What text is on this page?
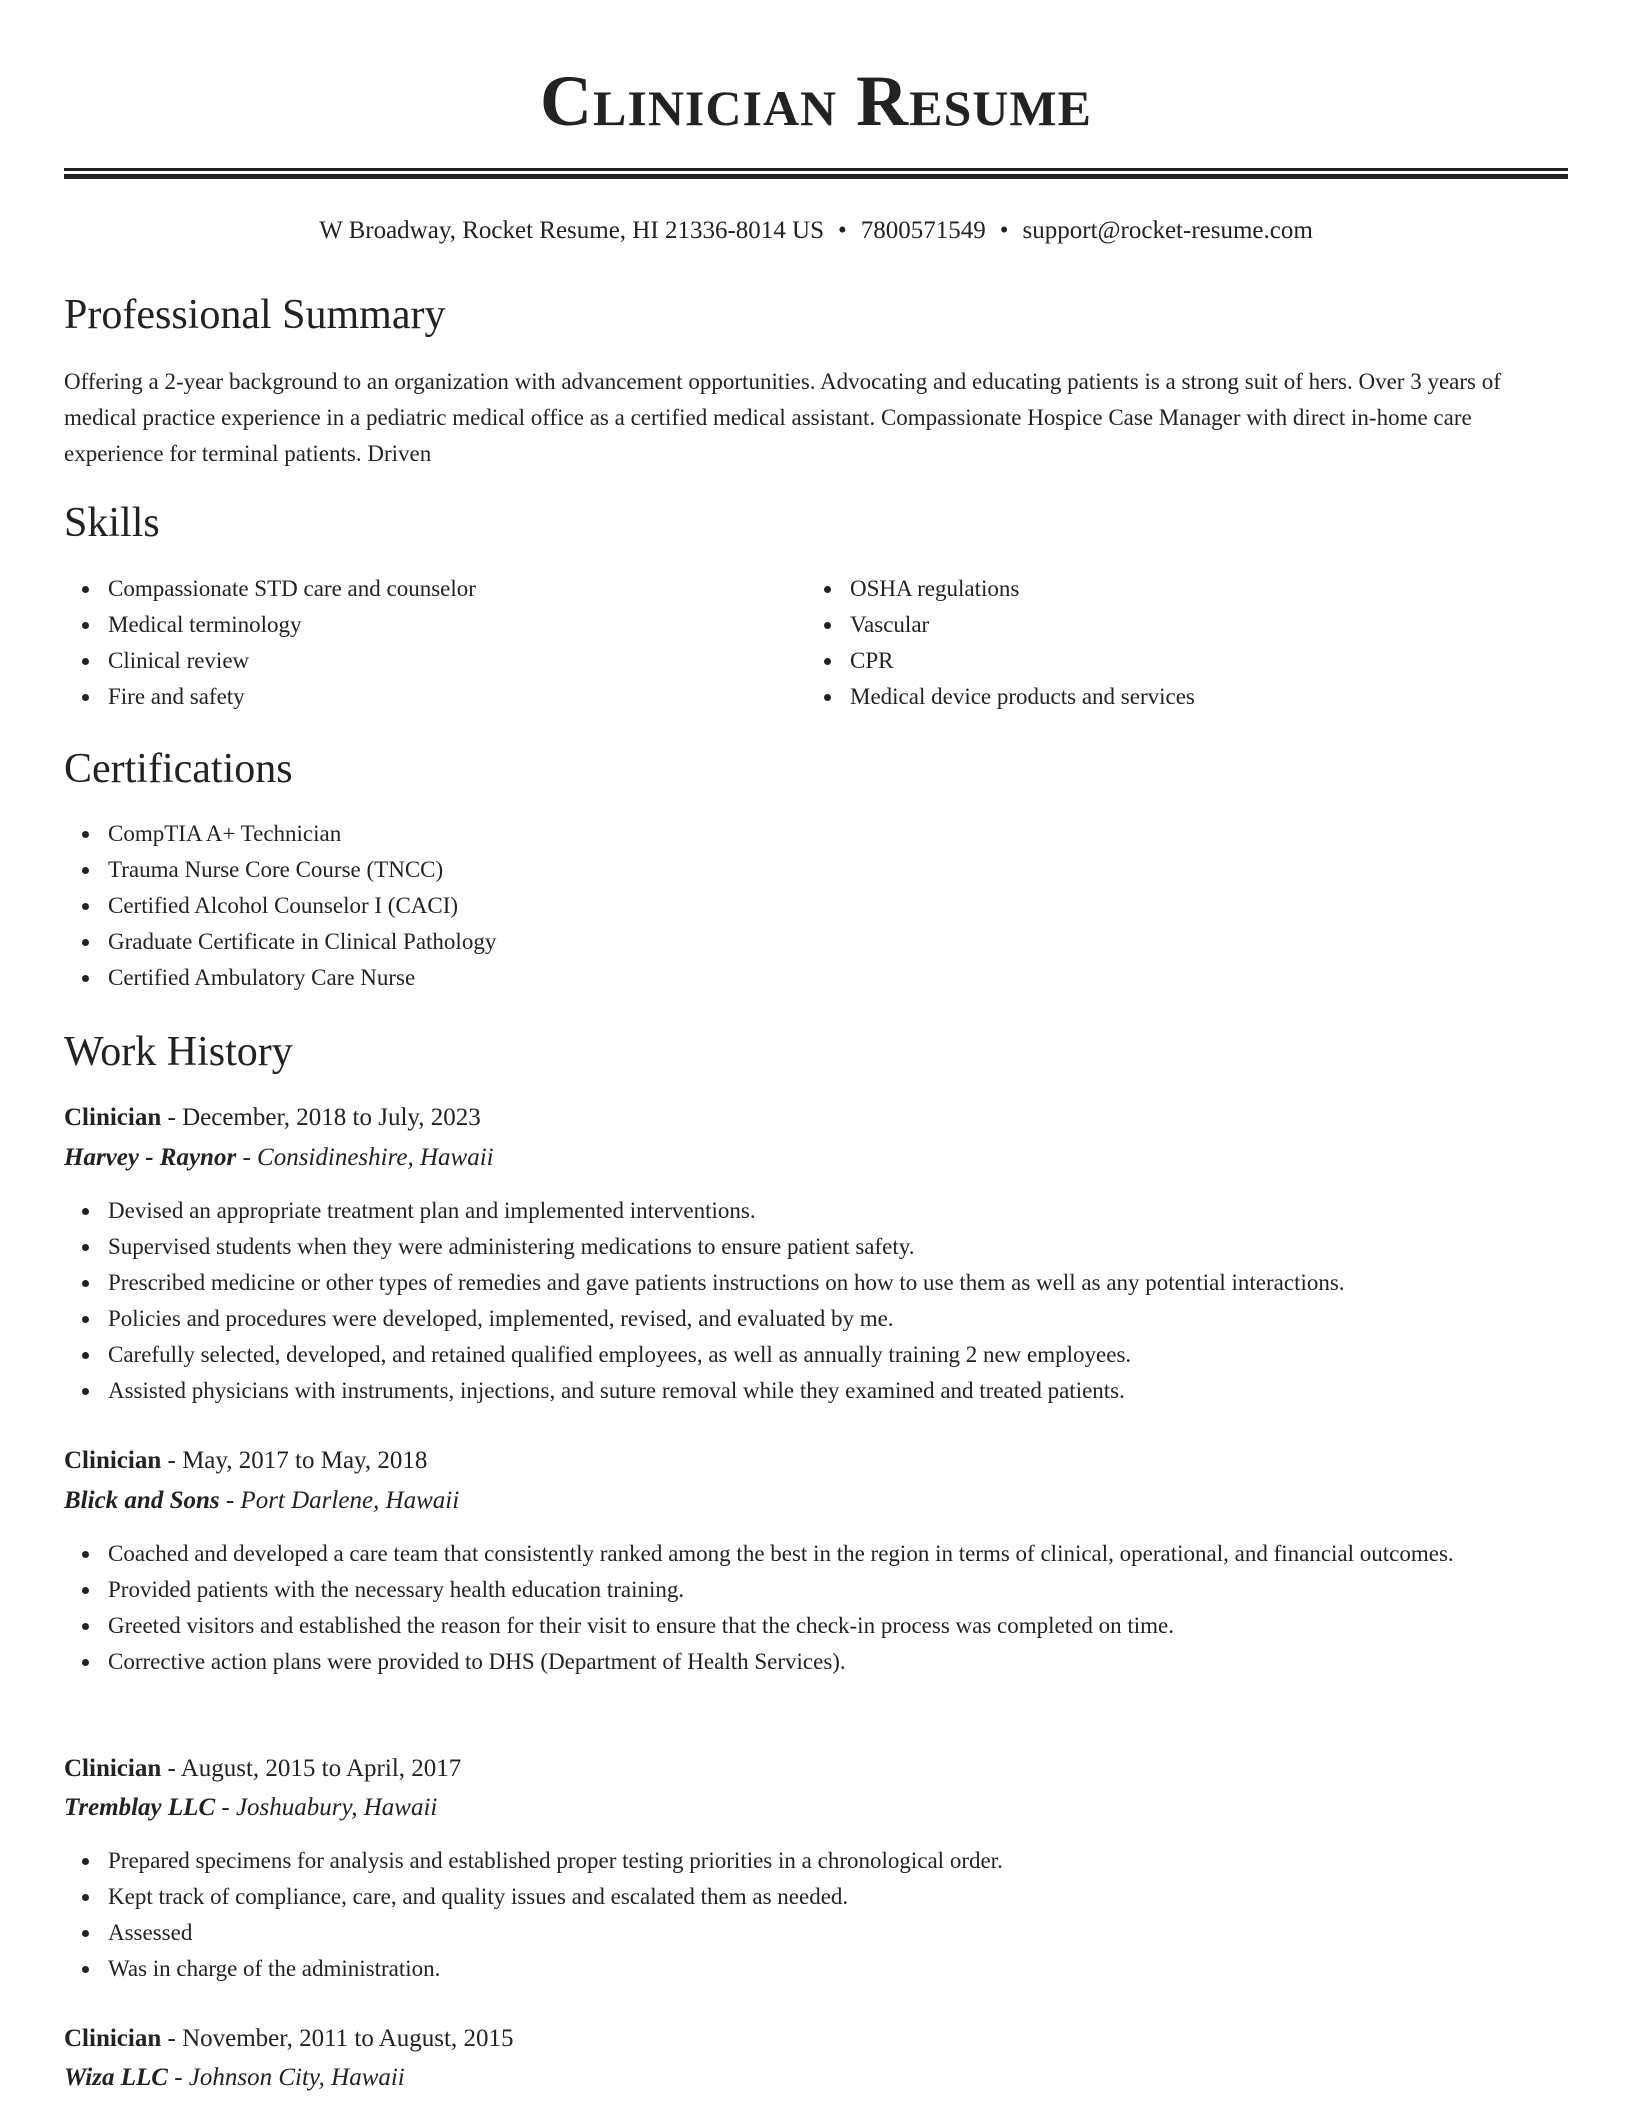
Clinician Resume
W Broadway, Rocket Resume, HI 21336-8014 US • 7800571549 • support@rocket-resume.com
Professional Summary
Offering a 2-year background to an organization with advancement opportunities. Advocating and educating patients is a strong suit of hers. Over 3 years of medical practice experience in a pediatric medical office as a certified medical assistant. Compassionate Hospice Case Manager with direct in-home care experience for terminal patients. Driven
Skills
Compassionate STD care and counselor
Medical terminology
Clinical review
Fire and safety
OSHA regulations
Vascular
CPR
Medical device products and services
Certifications
CompTIA A+ Technician
Trauma Nurse Core Course (TNCC)
Certified Alcohol Counselor I (CACI)
Graduate Certificate in Clinical Pathology
Certified Ambulatory Care Nurse
Work History
Clinician - December, 2018 to July, 2023
Harvey - Raynor - Considineshire, Hawaii
Devised an appropriate treatment plan and implemented interventions.
Supervised students when they were administering medications to ensure patient safety.
Prescribed medicine or other types of remedies and gave patients instructions on how to use them as well as any potential interactions.
Policies and procedures were developed, implemented, revised, and evaluated by me.
Carefully selected, developed, and retained qualified employees, as well as annually training 2 new employees.
Assisted physicians with instruments, injections, and suture removal while they examined and treated patients.
Clinician - May, 2017 to May, 2018
Blick and Sons - Port Darlene, Hawaii
Coached and developed a care team that consistently ranked among the best in the region in terms of clinical, operational, and financial outcomes.
Provided patients with the necessary health education training.
Greeted visitors and established the reason for their visit to ensure that the check-in process was completed on time.
Corrective action plans were provided to DHS (Department of Health Services).
Clinician - August, 2015 to April, 2017
Tremblay LLC - Joshuabury, Hawaii
Prepared specimens for analysis and established proper testing priorities in a chronological order.
Kept track of compliance, care, and quality issues and escalated them as needed.
Assessed
Was in charge of the administration.
Clinician - November, 2011 to August, 2015
Wiza LLC - Johnson City, Hawaii
